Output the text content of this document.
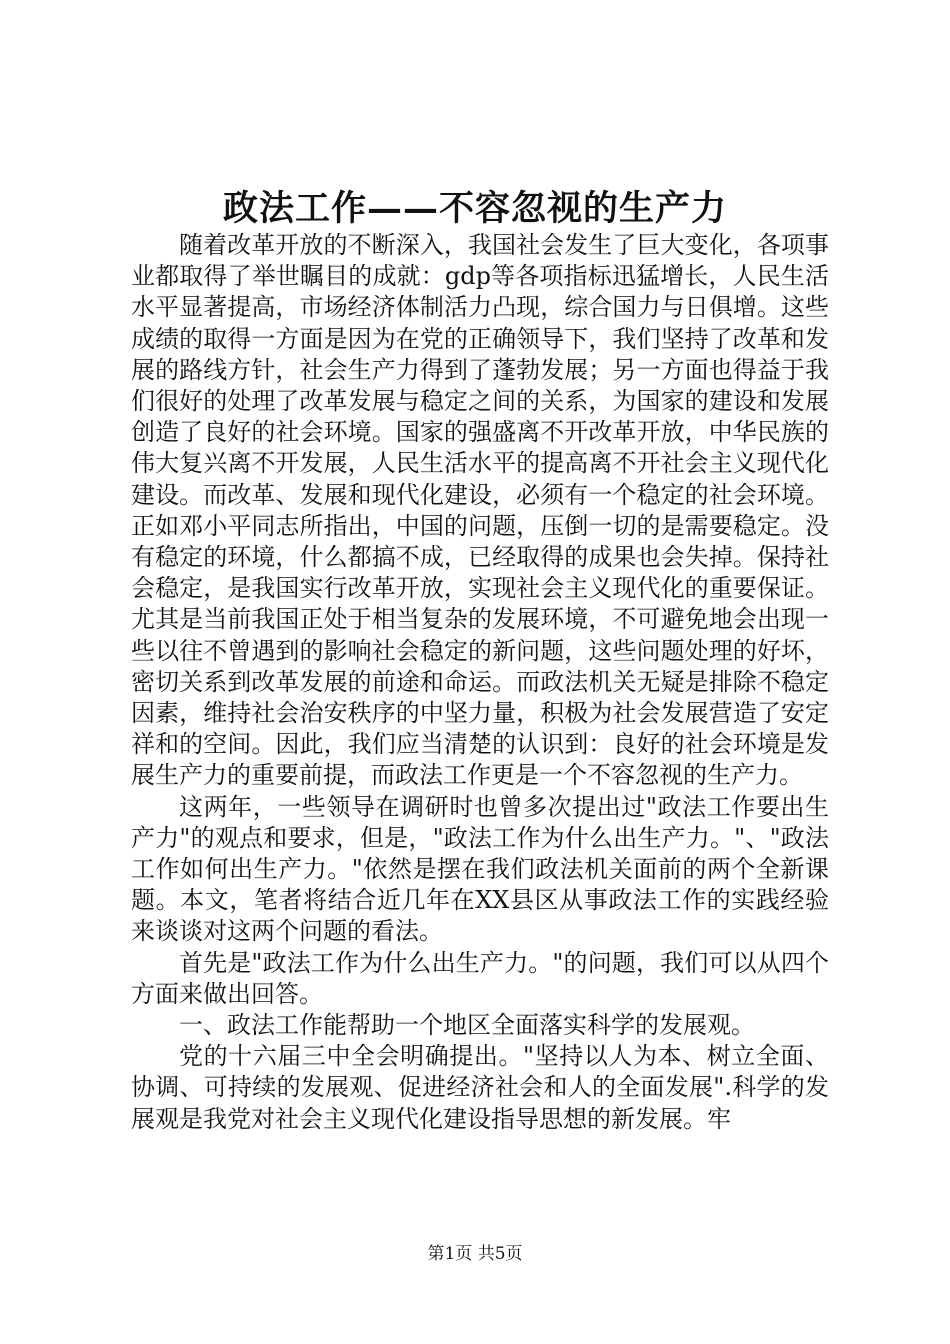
政法工作——不容忽视的生产力

随着改革开放的不断深入，我国社会发生了巨大变化，各项事业都取得了举世瞩目的成就：gdp等各项指标迅猛增长，人民生活水平显著提高，市场经济体制活力凸现，综合国力与日俱增。这些成绩的取得一方面是因为在党的正确领导下，我们坚持了改革和发展的路线方针，社会生产力得到了蓬勃发展；另一方面也得益于我们很好的处理了改革发展与稳定之间的关系，为国家的建设和发展创造了良好的社会环境。国家的强盛离不开改革开放，中华民族的伟大复兴离不开发展，人民生活水平的提高离不开社会主义现代化建设。而改革、发展和现代化建设，必须有一个稳定的社会环境。正如邓小平同志所指出，中国的问题，压倒一切的是需要稳定。没有稳定的环境，什么都搞不成，已经取得的成果也会失掉。保持社会稳定，是我国实行改革开放，实现社会主义现代化的重要保证。尤其是当前我国正处于相当复杂的发展环境，不可避免地会出现一些以往不曾遇到的影响社会稳定的新问题，这些问题处理的好坏，密切关系到改革发展的前途和命运。而政法机关无疑是排除不稳定因素，维持社会治安秩序的中坚力量，积极为社会发展营造了安定祥和的空间。因此，我们应当清楚的认识到：良好的社会环境是发展生产力的重要前提，而政法工作更是一个不容忽视的生产力。

这两年，一些领导在调研时也曾多次提出过"政法工作要出生产力"的观点和要求，但是，"政法工作为什么出生产力。"、"政法工作如何出生产力。"依然是摆在我们政法机关面前的两个全新课题。本文，笔者将结合近几年在XX县区从事政法工作的实践经验来谈谈对这两个问题的看法。

首先是"政法工作为什么出生产力。"的问题，我们可以从四个方面来做出回答。

一、政法工作能帮助一个地区全面落实科学的发展观。

党的十六届三中全会明确提出。"坚持以人为本、树立全面、协调、可持续的发展观、促进经济社会和人的全面发展".科学的发展观是我党对社会主义现代化建设指导思想的新发展。牢

第1页 共5页
